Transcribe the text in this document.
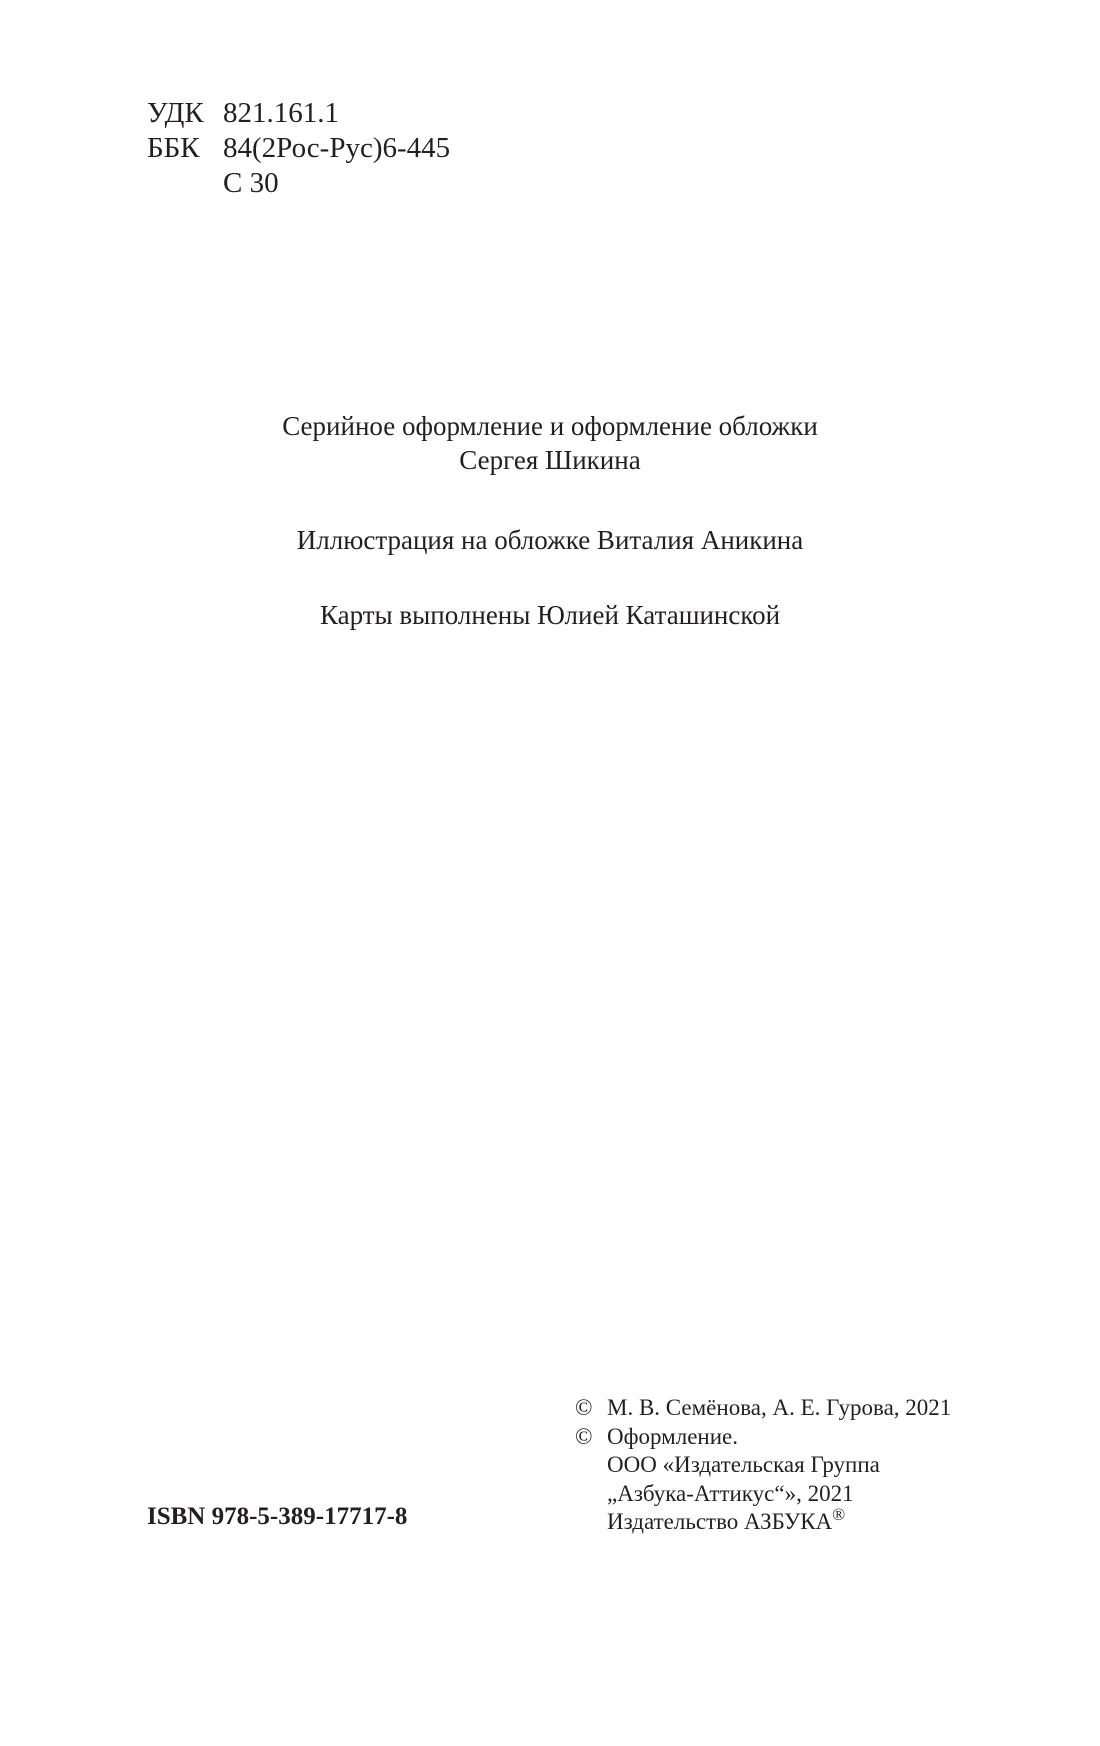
УДК 821.161.1
ББК 84(2Рос-Рус)6-445
С 30
Серийное оформление и оформление обложки
Сергея Шикина
Иллюстрация на обложке Виталия Аникина
Карты выполнены Юлией Каташинской
ISBN 978-5-389-17717-8
© М. В. Семёнова, А. Е. Гурова, 2021
© Оформление.
ООО «Издательская Группа
„Азбука-Аттикус“», 2021
Издательство АЗБУКА®
